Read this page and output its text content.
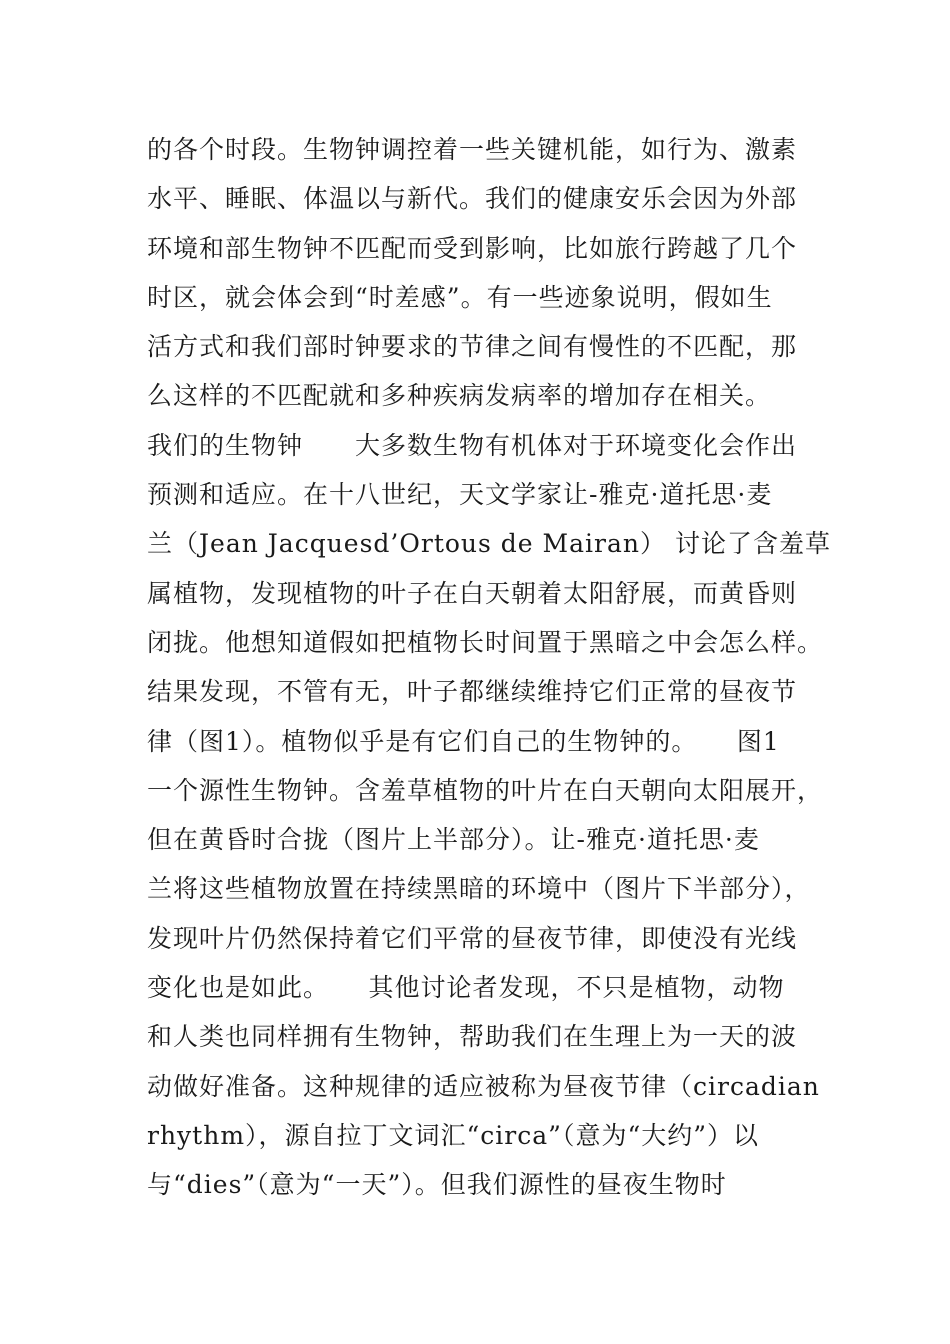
的各个时段。生物钟调控着一些关键机能，如行为、激素
水平、睡眠、体温以与新代。我们的健康安乐会因为外部
环境和部生物钟不匹配而受到影响，比如旅行跨越了几个
时区，就会体会到“时差感”。有一些迹象说明，假如生
活方式和我们部时钟要求的节律之间有慢性的不匹配，那
么这样的不匹配就和多种疾病发病率的增加存在相关。
我们的生物钟　　大多数生物有机体对于环境变化会作出
预测和适应。在十八世纪，天文学家让-雅克·道托思·麦
兰（Jean Jacquesd’Ortous de Mairan） 讨论了含羞草
属植物，发现植物的叶子在白天朝着太阳舒展，而黄昏则
闭拢。他想知道假如把植物长时间置于黑暗之中会怎么样。
结果发现，不管有无，叶子都继续维持它们正常的昼夜节
律（图1）。植物似乎是有它们自己的生物钟的。　　图1
一个源性生物钟。含羞草植物的叶片在白天朝向太阳展开，
但在黄昏时合拢（图片上半部分）。让-雅克·道托思·麦
兰将这些植物放置在持续黑暗的环境中（图片下半部分），
发现叶片仍然保持着它们平常的昼夜节律，即使没有光线
变化也是如此。　　其他讨论者发现，不只是植物，动物
和人类也同样拥有生物钟，帮助我们在生理上为一天的波
动做好准备。这种规律的适应被称为昼夜节律（circadian
rhythm），源自拉丁文词汇“circa”（意为“大约”）以
与“dies”（意为“一天”）。但我们源性的昼夜生物时
